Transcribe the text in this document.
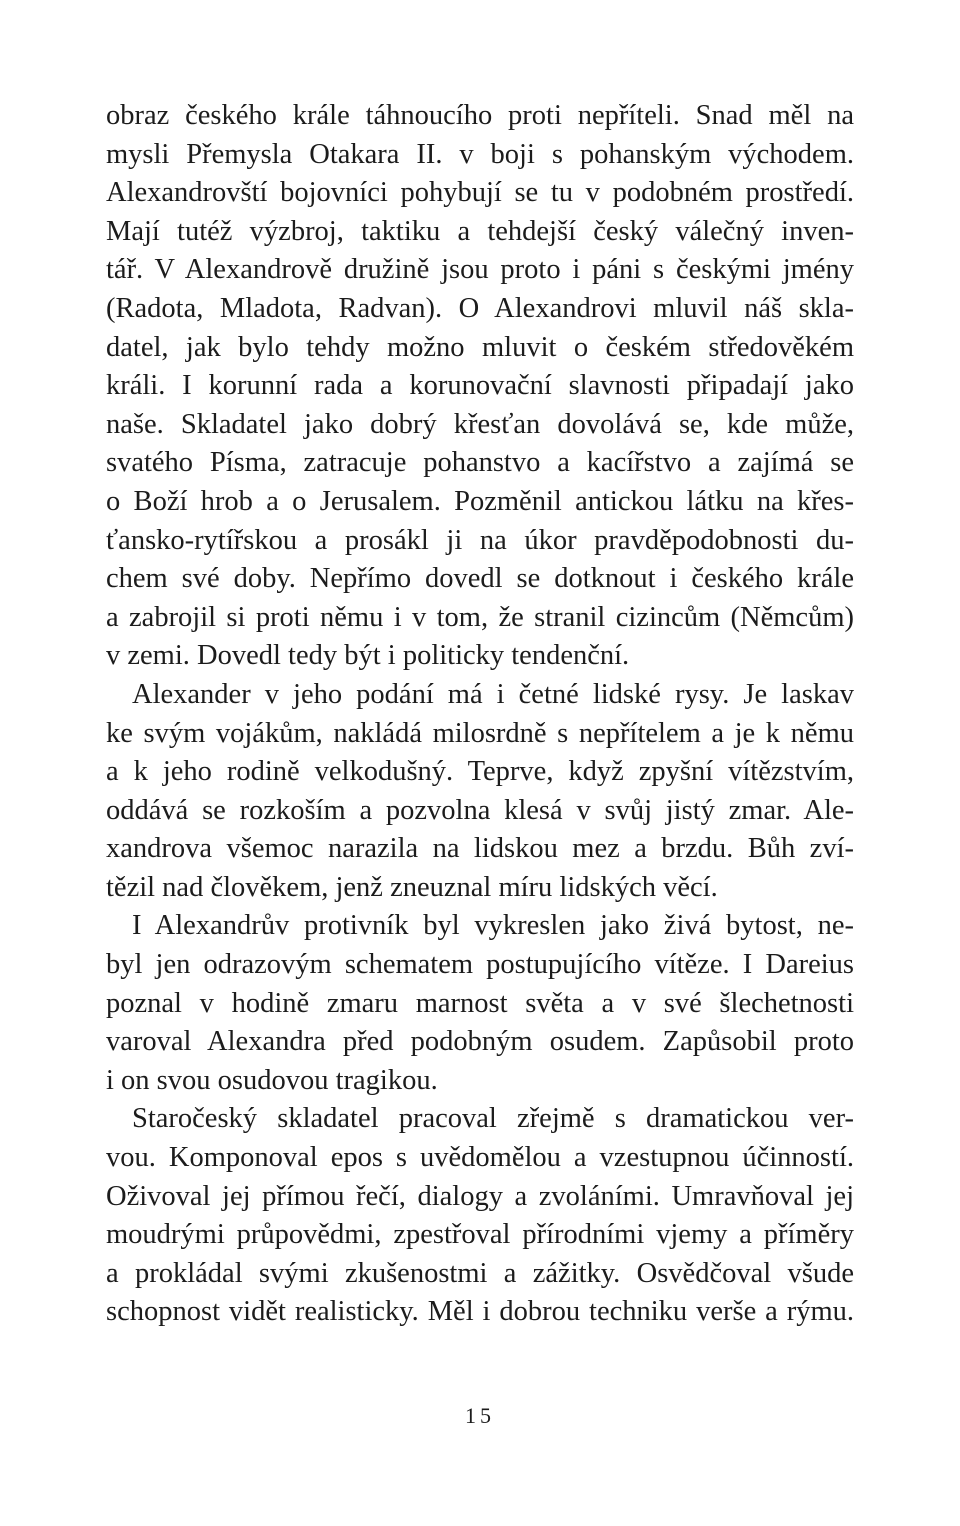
obraz českého krále táhnoucího proti nepříteli. Snad měl na
mysli Přemysla Otakara II. v boji s pohanským východem.
Alexandrovští bojovníci pohybují se tu v podobném prostředí.
Mají tutéž výzbroj, taktiku a tehdejší český válečný inven-
tář. V Alexandrově družině jsou proto i páni s českými jmény
(Radota, Mladota, Radvan). O Alexandrovi mluvil náš skla-
datel, jak bylo tehdy možno mluvit o českém středověkém
králi. I korunní rada a korunovační slavnosti připadají jako
naše. Skladatel jako dobrý křesťan dovolává se, kde může,
svatého Písma, zatracuje pohanstvo a kacířstvo a zajímá se
o Boží hrob a o Jerusalem. Pozměnil antickou látku na křes-
ťansko-rytířskou a prosákl ji na úkor pravděpodobnosti du-
chem své doby. Nepřímo dovedl se dotknout i českého krále
a zabrojil si proti němu i v tom, že stranil cizincům (Němcům)
v zemi. Dovedl tedy být i politicky tendenční.
Alexander v jeho podání má i četné lidské rysy. Je laskav
ke svým vojákům, nakládá milosrdně s nepřítelem a je k němu
a k jeho rodině velkodušný. Teprve, když zpyšní vítězstvím,
oddává se rozkoším a pozvolna klesá v svůj jistý zmar. Ale-
xandrova všemoc narazila na lidskou mez a brzdu. Bůh zví-
tězil nad člověkem, jenž zneuznal míru lidských věcí.
I Alexandrův protivník byl vykreslen jako živá bytost, ne-
byl jen odrazovým schematem postupujícího vítěze. I Dareius
poznal v hodině zmaru marnost světa a v své šlechetnosti
varoval Alexandra před podobným osudem. Zapůsobil proto
i on svou osudovou tragikou.
Staročeský skladatel pracoval zřejmě s dramatickou ver-
vou. Komponoval epos s uvědomělou a vzestupnou účinností.
Oživoval jej přímou řečí, dialogy a zvoláními. Umravňoval jej
moudrými průpovědmi, zpestřoval přírodními vjemy a příměry
a prokládal svými zkušenostmi a zážitky. Osvědčoval všude
schopnost vidět realisticky. Měl i dobrou techniku verše a rýmu.
15
